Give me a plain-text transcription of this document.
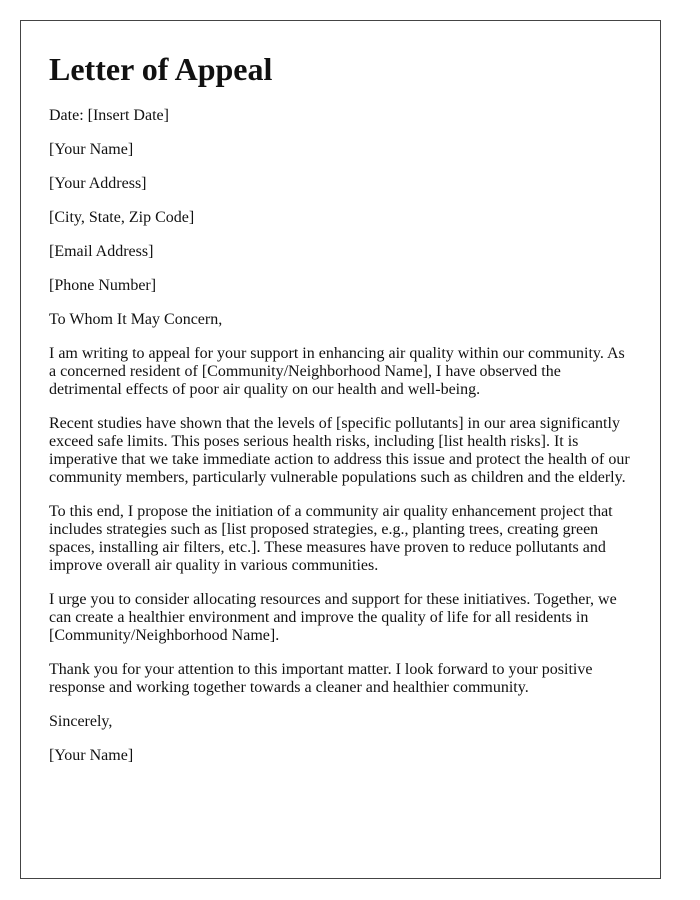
Letter of Appeal

Date: [Insert Date]

[Your Name]

[Your Address]

[City, State, Zip Code]

[Email Address]

[Phone Number]

To Whom It May Concern,

I am writing to appeal for your support in enhancing air quality within our community. As a concerned resident of [Community/Neighborhood Name], I have observed the detrimental effects of poor air quality on our health and well-being.

Recent studies have shown that the levels of [specific pollutants] in our area significantly exceed safe limits. This poses serious health risks, including [list health risks]. It is imperative that we take immediate action to address this issue and protect the health of our community members, particularly vulnerable populations such as children and the elderly.

To this end, I propose the initiation of a community air quality enhancement project that includes strategies such as [list proposed strategies, e.g., planting trees, creating green spaces, installing air filters, etc.]. These measures have proven to reduce pollutants and improve overall air quality in various communities.

I urge you to consider allocating resources and support for these initiatives. Together, we can create a healthier environment and improve the quality of life for all residents in [Community/Neighborhood Name].

Thank you for your attention to this important matter. I look forward to your positive response and working together towards a cleaner and healthier community.

Sincerely,

[Your Name]
